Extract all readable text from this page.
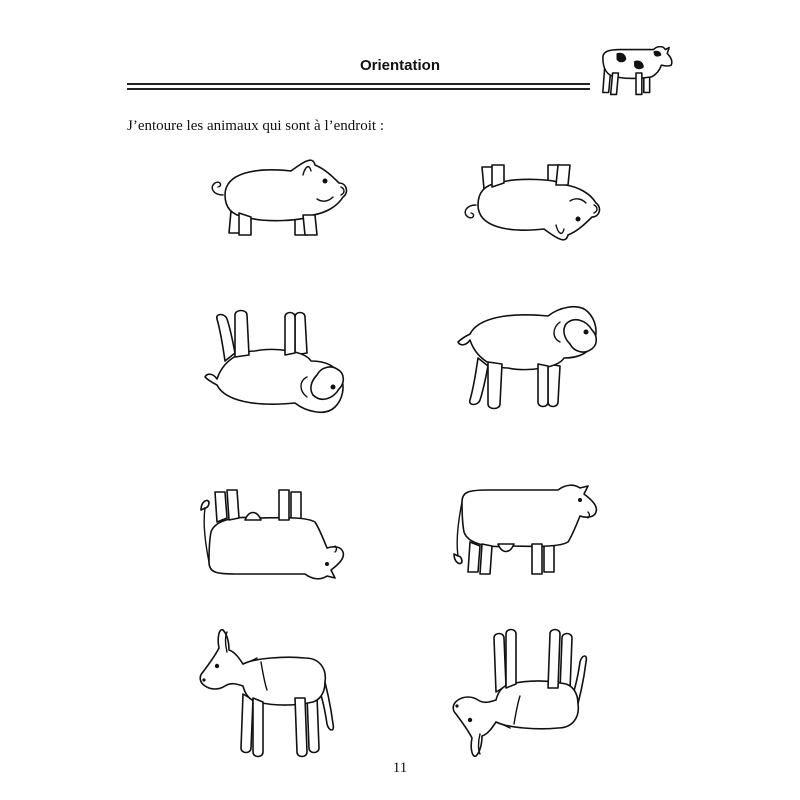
Orientation
J’entoure les animaux qui sont à l’endroit :
11
